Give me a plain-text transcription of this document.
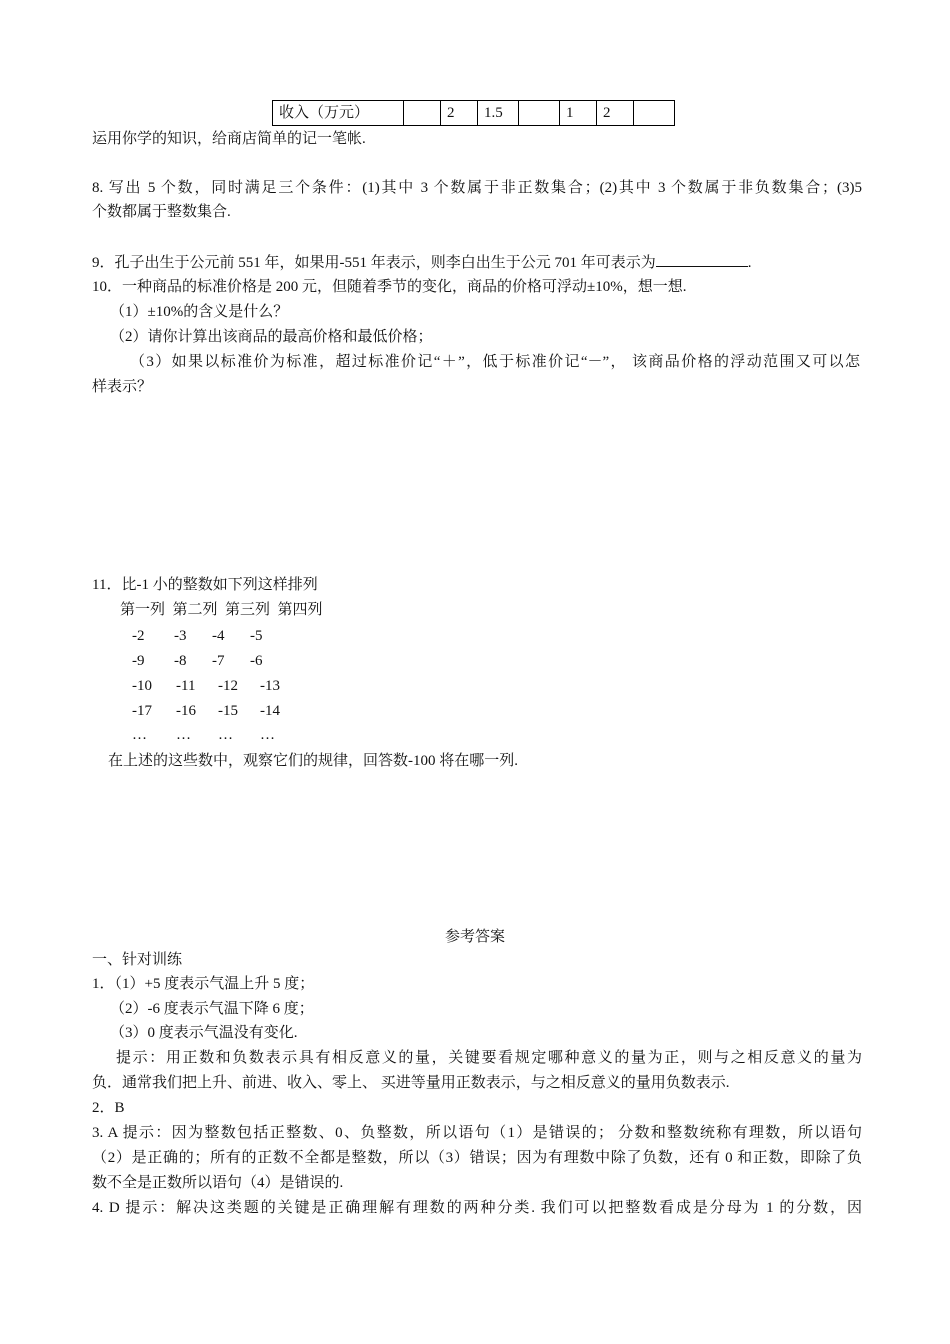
收入（万元）		2	1.5		1	2	
运用你学的知识，给商店简单的记一笔帐.
8. 写出 5 个数，同时满足三个条件：(1)其中 3 个数属于非正数集合；(2)其中 3 个数属于非负数集合；(3)5
个数都属于整数集合.
9．孔子出生于公元前 551 年，如果用-551 年表示，则李白出生于公元 701 年可表示为	.
10．一种商品的标准价格是 200 元，但随着季节的变化，商品的价格可浮动±10%，想一想.
（1）±10%的含义是什么？
（2）请你计算出该商品的最高价格和最低价格；
（3）如果以标准价为标准，超过标准价记“＋”，低于标准价记“－”， 该商品价格的浮动范围又可以怎
样表示？
11．比-1 小的整数如下列这样排列
第一列 第二列 第三列 第四列
-2 -3 -4 -5
-9 -8 -7 -6
-10 -11 -12 -13
-17 -16 -15 -14
… … … …
在上述的这些数中，观察它们的规律，回答数-100 将在哪一列.
参考答案
一、针对训练
1．（1）+5 度表示气温上升 5 度；
（2）-6 度表示气温下降 6 度；
（3）0 度表示气温没有变化.
提示：用正数和负数表示具有相反意义的量，关键要看规定哪种意义的量为正，则与之相反意义的量为
负．通常我们把上升、前进、收入、零上、 买进等量用正数表示，与之相反意义的量用负数表示.
2．B
3. A 提示：因为整数包括正整数、0、负整数，所以语句（1）是错误的； 分数和整数统称有理数，所以语句
（2）是正确的；所有的正数不全都是整数，所以（3）错误；因为有理数中除了负数，还有 0 和正数，即除了负
数不全是正数所以语句（4）是错误的.
4. D 提示：解决这类题的关键是正确理解有理数的两种分类. 我们可以把整数看成是分母为 1 的分数，因
